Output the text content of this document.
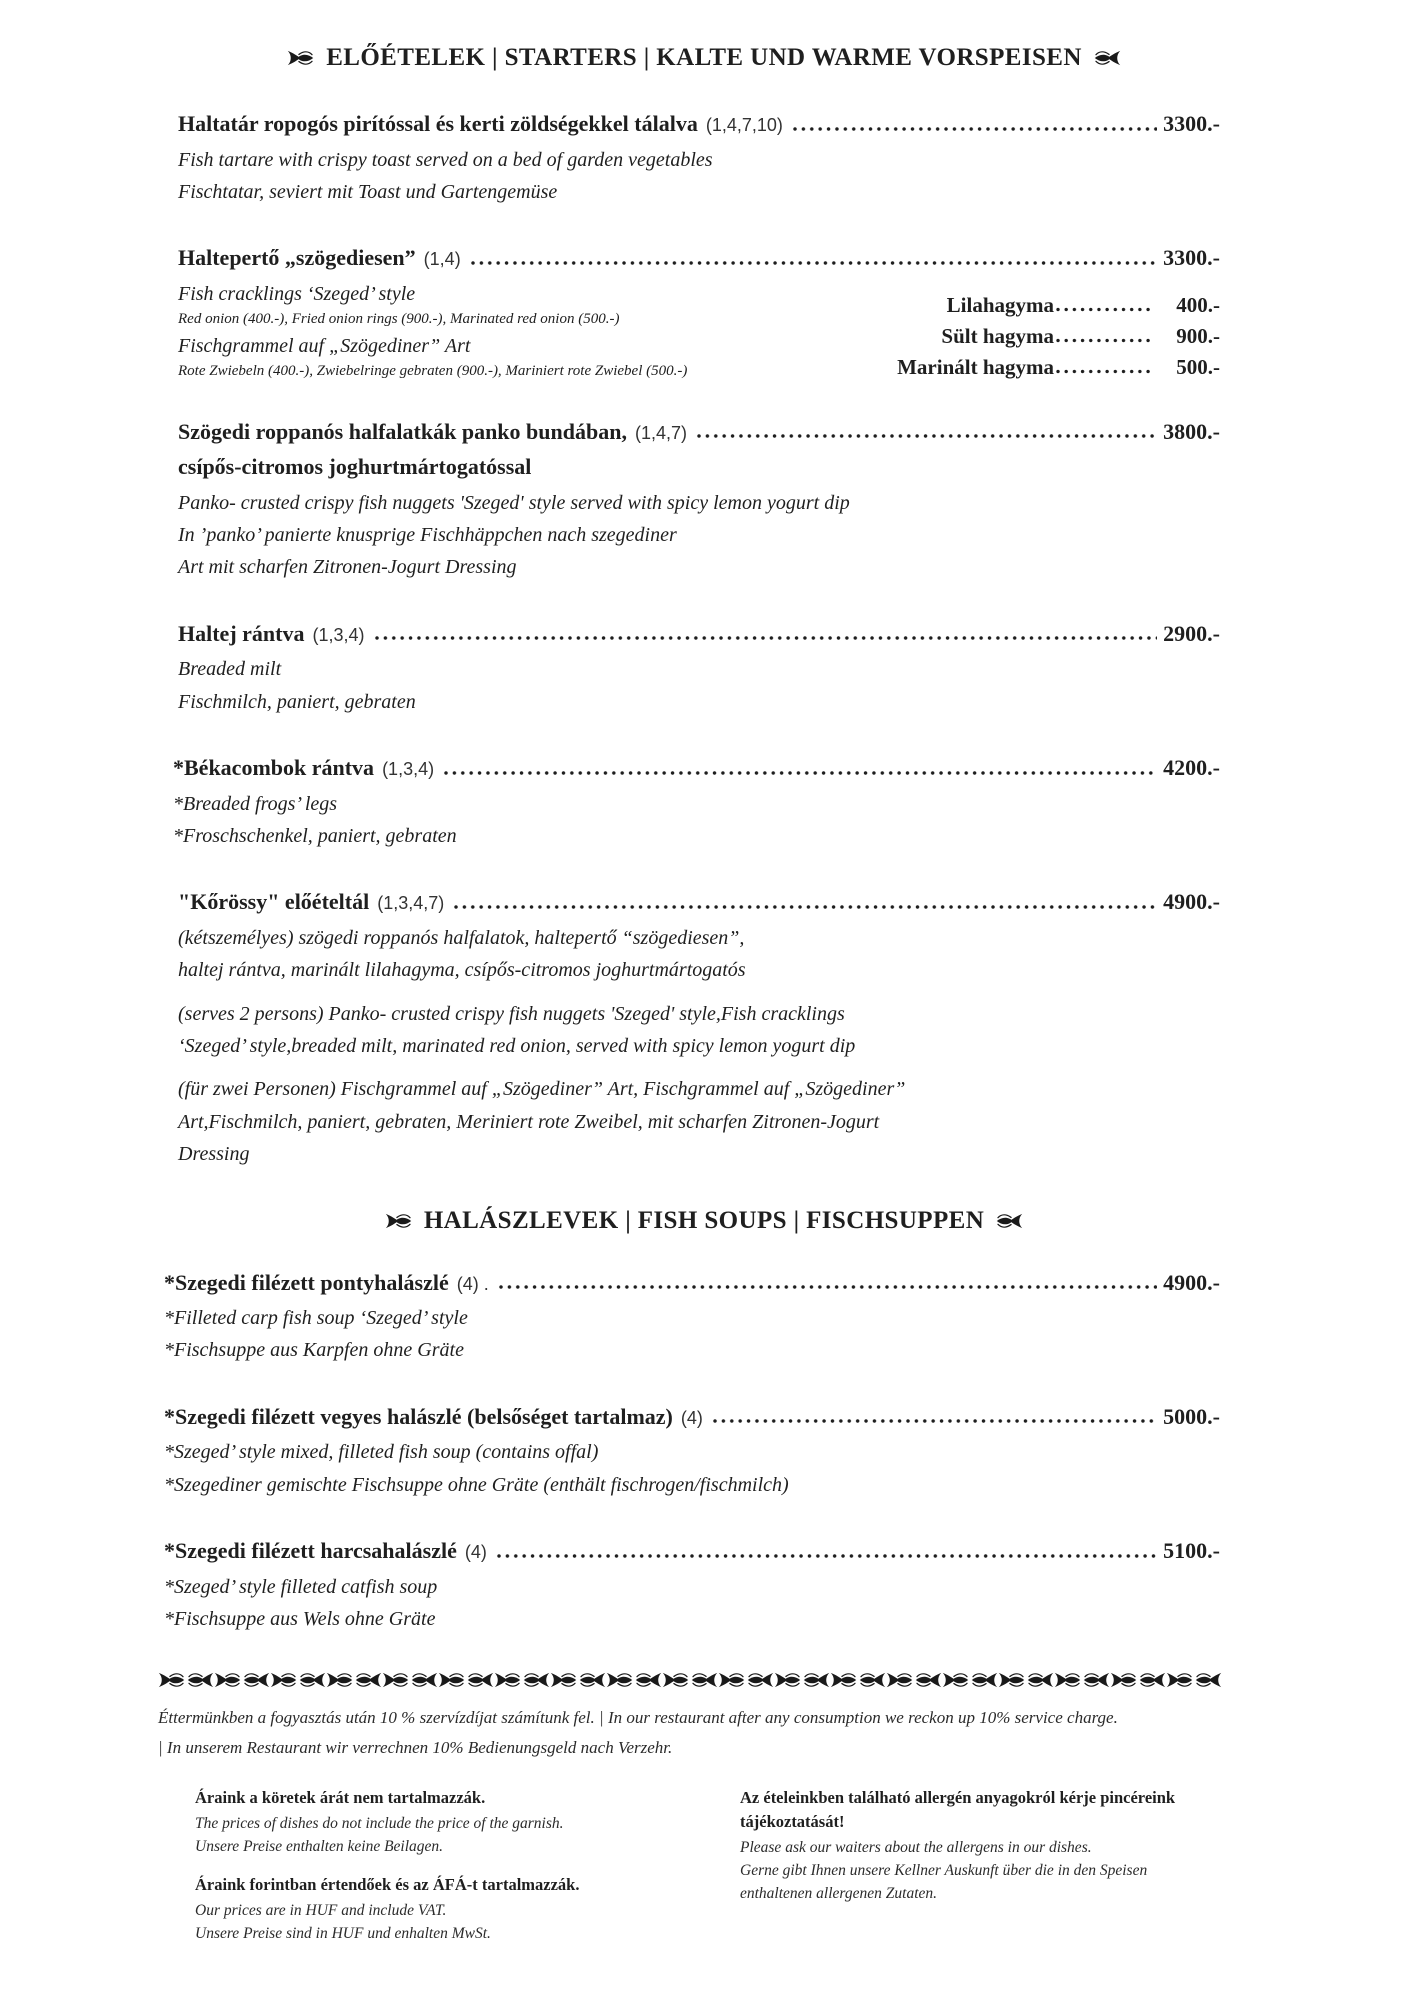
ELŐÉTELEK | STARTERS | KALTE UND WARME VORSPEISEN
Haltatár ropogós pirítóssal és kerti zöldségekkel tálalva (1,4,7,10)	3300.-
Fish tartare with crispy toast served on a bed of garden vegetables
Fischtatar, seviert mit Toast und Gartengemüse
Haltepertő „szögediesen” (1,4)	3300.-
Fish cracklings ‘Szeged’ style
Red onion (400.-), Fried onion rings (900.-), Marinated red onion (500.-)
Fischgrammel auf „Szögediner” Art
Rote Zwiebeln (400.-), Zwiebelringe gebraten (900.-), Mariniert rote Zwiebel (500.-)
Lilahagyma	400.-
Sült hagyma	900.-
Marinált hagyma	500.-
Szögedi roppanós halfalatkák panko bundában, (1,4,7)	3800.-
csípős-citromos joghurtmártogatóssal
Panko- crusted crispy fish nuggets 'Szeged' style served with spicy lemon yogurt dip
In ’panko’ panierte knusprige Fischhäppchen nach szegediner
Art mit scharfen Zitronen-Jogurt Dressing
Haltej rántva (1,3,4)	2900.-
Breaded milt
Fischmilch, paniert, gebraten
*Békacombok rántva (1,3,4)	4200.-
*Breaded frogs’ legs
*Froschschenkel, paniert, gebraten
"Kőrössy" előételtál (1,3,4,7)	4900.-
(kétszemélyes) szögedi roppanós halfalatok, haltepertő “szögediesen”,
haltej rántva, marinált lilahagyma, csípős-citromos joghurtmártogatós
(serves 2 persons) Panko- crusted crispy fish nuggets 'Szeged' style,Fish cracklings
‘Szeged’ style,breaded milt, marinated red onion, served with spicy lemon yogurt dip
(für zwei Personen) Fischgrammel auf „Szögediner” Art, Fischgrammel auf „Szögediner”
Art,Fischmilch, paniert, gebraten, Meriniert rote Zweibel, mit scharfen Zitronen-Jogurt
Dressing
HALÁSZLEVEK | FISH SOUPS | FISCHSUPPEN
*Szegedi filézett pontyhalászlé (4) .	4900.-
*Filleted carp fish soup ‘Szeged’ style
*Fischsuppe aus Karpfen ohne Gräte
*Szegedi filézett vegyes halászlé (belsőséget tartalmaz) (4)	5000.-
*Szeged’ style mixed, filleted fish soup (contains offal)
*Szegediner gemischte Fischsuppe ohne Gräte (enthält fischrogen/fischmilch)
*Szegedi filézett harcsahalászlé (4)	5100.-
*Szeged’ style filleted catfish soup
*Fischsuppe aus Wels ohne Gräte
Éttermünkben a fogyasztás után 10 % szervízdíjat számítunk fel. | In our restaurant after any consumption we reckon up 10% service charge.
| In unserem Restaurant wir verrechnen 10% Bedienungsgeld nach Verzehr.
Áraink a köretek árát nem tartalmazzák.
The prices of dishes do not include the price of the garnish.
Unsere Preise enthalten keine Beilagen.
Áraink forintban értendőek és az ÁFÁ-t tartalmazzák.
Our prices are in HUF and include VAT.
Unsere Preise sind in HUF und enhalten MwSt.
Az ételeinkben található allergén anyagokról kérje pincéreink tájékoztatását!
Please ask our waiters about the allergens in our dishes.
Gerne gibt Ihnen unsere Kellner Auskunft über die in den Speisen enthaltenen allergenen Zutaten.
